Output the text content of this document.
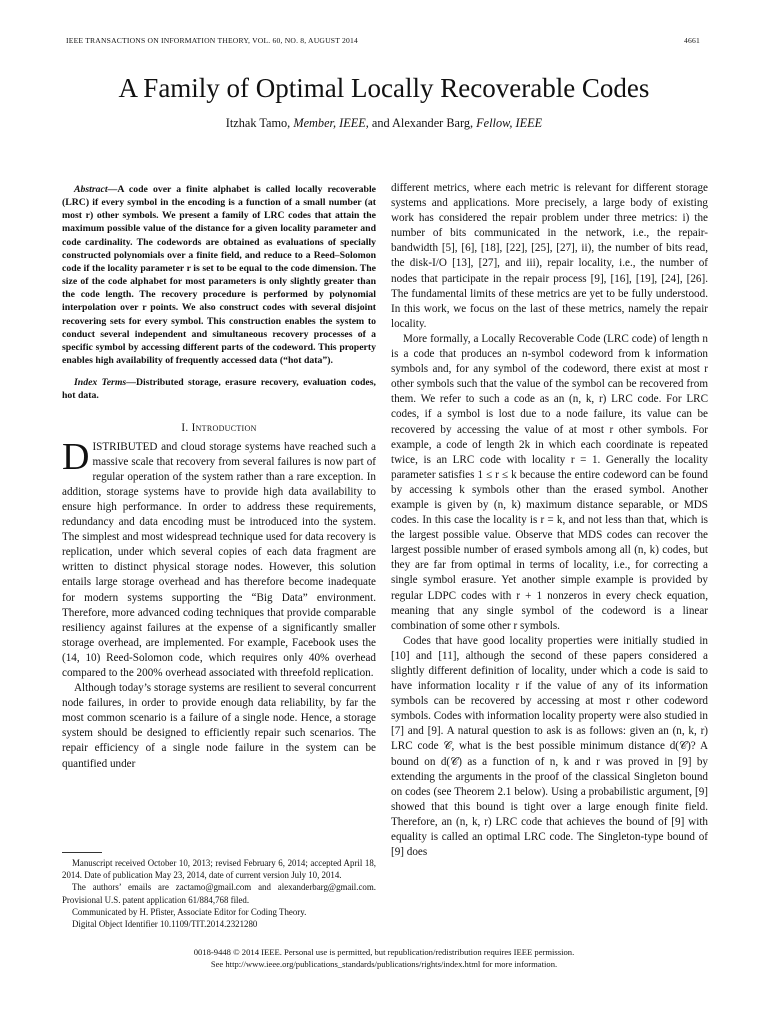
IEEE TRANSACTIONS ON INFORMATION THEORY, VOL. 60, NO. 8, AUGUST 2014	4661
A Family of Optimal Locally Recoverable Codes
Itzhak Tamo, Member, IEEE, and Alexander Barg, Fellow, IEEE

Abstract—A code over a finite alphabet is called locally recoverable (LRC) if every symbol in the encoding is a function of a small number (at most r) other symbols. We present a family of LRC codes that attain the maximum possible value of the distance for a given locality parameter and code cardinality. The codewords are obtained as evaluations of specially constructed polynomials over a finite field, and reduce to a Reed–Solomon code if the locality parameter r is set to be equal to the code dimension. The size of the code alphabet for most parameters is only slightly greater than the code length. The recovery procedure is performed by polynomial interpolation over r points. We also construct codes with several disjoint recovering sets for every symbol. This construction enables the system to conduct several independent and simultaneous recovery processes of a specific symbol by accessing different parts of the codeword. This property enables high availability of frequently accessed data (“hot data”).

Index Terms—Distributed storage, erasure recovery, evaluation codes, hot data.

I. Introduction

DISTRIBUTED and cloud storage systems have reached such a massive scale that recovery from several failures is now part of regular operation of the system rather than a rare exception. In addition, storage systems have to provide high data availability to ensure high performance. In order to address these requirements, redundancy and data encoding must be introduced into the system. The simplest and most widespread technique used for data recovery is replication, under which several copies of each data fragment are written to distinct physical storage nodes. However, this solution entails large storage overhead and has therefore become inadequate for modern systems supporting the “Big Data” environment. Therefore, more advanced coding techniques that provide comparable resiliency against failures at the expense of a significantly smaller storage overhead, are implemented. For example, Facebook uses the (14, 10) Reed-Solomon code, which requires only 40% overhead compared to the 200% overhead associated with threefold replication.

Although today’s storage systems are resilient to several concurrent node failures, in order to provide enough data reliability, by far the most common scenario is a failure of a single node. Hence, a storage system should be designed to efficiently repair such scenarios. The repair efficiency of a single node failure in the system can be quantified under

Manuscript received October 10, 2013; revised February 6, 2014; accepted April 18, 2014. Date of publication May 23, 2014, date of current version July 10, 2014.

The authors’ emails are zactamo@gmail.com and alexanderbarg@gmail.com. Provisional U.S. patent application 61/884,768 filed.

Communicated by H. Pfister, Associate Editor for Coding Theory.

Digital Object Identifier 10.1109/TIT.2014.2321280

different metrics, where each metric is relevant for different storage systems and applications. More precisely, a large body of existing work has considered the repair problem under three metrics: i) the number of bits communicated in the network, i.e., the repair-bandwidth [5], [6], [18], [22], [25], [27], ii), the number of bits read, the disk-I/O [13], [27], and iii), repair locality, i.e., the number of nodes that participate in the repair process [9], [16], [19], [24], [26]. The fundamental limits of these metrics are yet to be fully understood. In this work, we focus on the last of these metrics, namely the repair locality.

More formally, a Locally Recoverable Code (LRC code) of length n is a code that produces an n-symbol codeword from k information symbols and, for any symbol of the codeword, there exist at most r other symbols such that the value of the symbol can be recovered from them. We refer to such a code as an (n, k, r) LRC code. For LRC codes, if a symbol is lost due to a node failure, its value can be recovered by accessing the value of at most r other symbols. For example, a code of length 2k in which each coordinate is repeated twice, is an LRC code with locality r = 1. Generally the locality parameter satisfies 1 ≤ r ≤ k because the entire codeword can be found by accessing k symbols other than the erased symbol. Another example is given by (n, k) maximum distance separable, or MDS codes. In this case the locality is r = k, and not less than that, which is the largest possible value. Observe that MDS codes can recover the largest possible number of erased symbols among all (n, k) codes, but they are far from optimal in terms of locality, i.e., for correcting a single symbol erasure. Yet another simple example is provided by regular LDPC codes with r + 1 nonzeros in every check equation, meaning that any single symbol of the codeword is a linear combination of some other r symbols.

Codes that have good locality properties were initially studied in [10] and [11], although the second of these papers considered a slightly different definition of locality, under which a code is said to have information locality r if the value of any of its information symbols can be recovered by accessing at most r other codeword symbols. Codes with information locality property were also studied in [7] and [9]. A natural question to ask is as follows: given an (n, k, r) LRC code 𝒞, what is the best possible minimum distance d(𝒞)? A bound on d(𝒞) as a function of n, k and r was proved in [9] by extending the arguments in the proof of the classical Singleton bound on codes (see Theorem 2.1 below). Using a probabilistic argument, [9] showed that this bound is tight over a large enough finite field. Therefore, an (n, k, r) LRC code that achieves the bound of [9] with equality is called an optimal LRC code. The Singleton-type bound of [9] does

0018-9448 © 2014 IEEE. Personal use is permitted, but republication/redistribution requires IEEE permission.
See http://www.ieee.org/publications_standards/publications/rights/index.html for more information.
